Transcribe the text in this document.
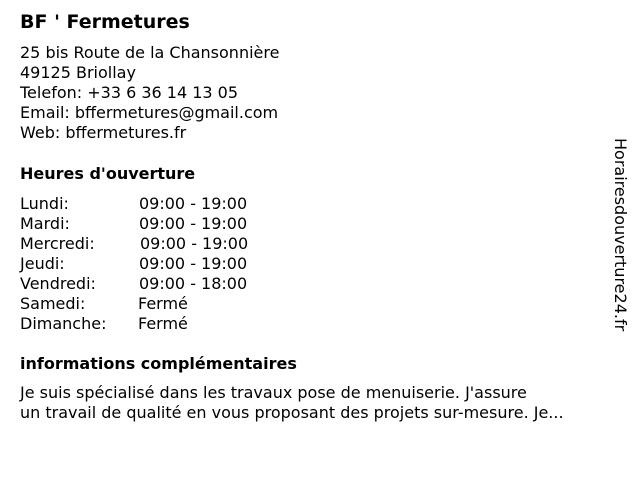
BF ' Fermetures
25 bis Route de la Chansonnière
49125 Briollay
Telefon: +33 6 36 14 13 05
Email: bffermetures@gmail.com
Web: bffermetures.fr
Heures d'ouverture
Lundi:	09:00 - 19:00
Mardi:	09:00 - 19:00
Mercredi:	09:00 - 19:00
Jeudi:	09:00 - 19:00
Vendredi:	09:00 - 18:00
Samedi:	Fermé
Dimanche: Fermé
informations complémentaires
Je suis spécialisé dans les travaux pose de menuiserie. J'assure
un travail de qualité en vous proposant des projets sur-mesure. Je...
Horairesdouverture24.fr
